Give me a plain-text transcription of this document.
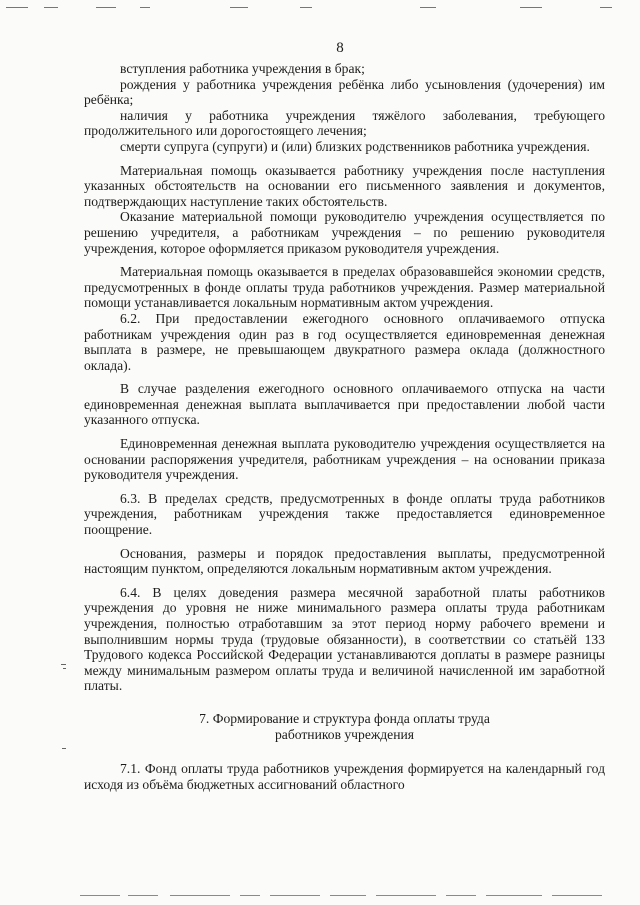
8

вступления работника учреждения в брак;

рождения у работника учреждения ребёнка либо усыновления (удочерения) им ребёнка;

наличия у работника учреждения тяжёлого заболевания, требующего продолжительного или дорогостоящего лечения;

смерти супруга (супруги) и (или) близких родственников работника учреждения.

Материальная помощь оказывается работнику учреждения после наступления указанных обстоятельств на основании его письменного заявления и документов, подтверждающих наступление таких обстоятельств.

Оказание материальной помощи руководителю учреждения осуществляется по решению учредителя, а работникам учреждения – по решению руководителя учреждения, которое оформляется приказом руководителя учреждения.

Материальная помощь оказывается в пределах образовавшейся экономии средств, предусмотренных в фонде оплаты труда работников учреждения. Размер материальной помощи устанавливается локальным нормативным актом учреждения.

6.2. При предоставлении ежегодного основного оплачиваемого отпуска работникам учреждения один раз в год осуществляется единовременная денежная выплата в размере, не превышающем двукратного размера оклада (должностного оклада).

В случае разделения ежегодного основного оплачиваемого отпуска на части единовременная денежная выплата выплачивается при предоставлении любой части указанного отпуска.

Единовременная денежная выплата руководителю учреждения осуществляется на основании распоряжения учредителя, работникам учреждения – на основании приказа руководителя учреждения.

6.3. В пределах средств, предусмотренных в фонде оплаты труда работников учреждения, работникам учреждения также предоставляется единовременное поощрение.

Основания, размеры и порядок предоставления выплаты, предусмотренной настоящим пунктом, определяются локальным нормативным актом учреждения.

6.4. В целях доведения размера месячной заработной платы работников учреждения до уровня не ниже минимального размера оплаты труда работникам учреждения, полностью отработавшим за этот период норму рабочего времени и выполнившим нормы труда (трудовые обязанности), в соответствии со статьёй 133 Трудового кодекса Российской Федерации устанавливаются доплаты в размере разницы между минимальным размером оплаты труда и величиной начисленной им заработной платы.

7. Формирование и структура фонда оплаты труда
работников учреждения

7.1. Фонд оплаты труда работников учреждения формируется на календарный год исходя из объёма бюджетных ассигнований областного
